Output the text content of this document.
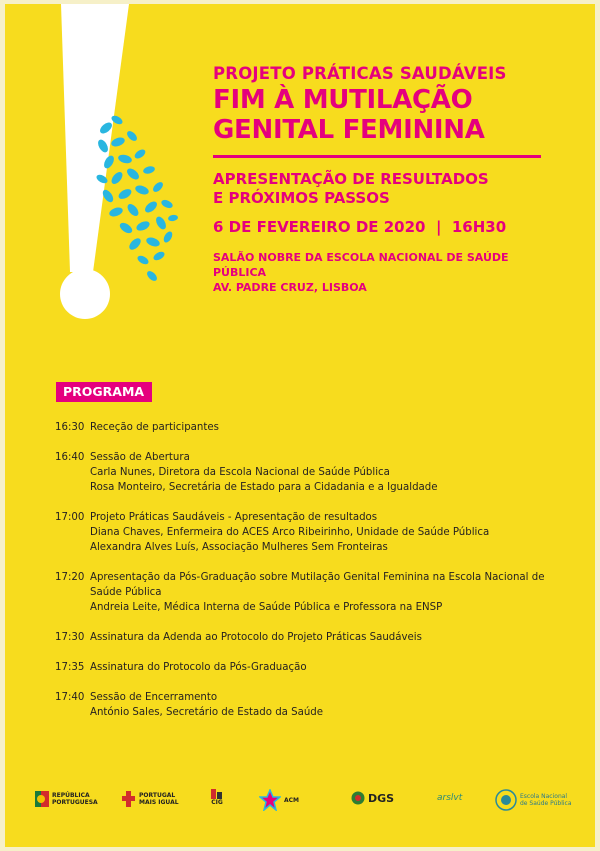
PROJETO PRÁTICAS SAUDÁVEIS
FIM À MUTILAÇÃO
GENITAL FEMININA
APRESENTAÇÃO DE RESULTADOS
E PRÓXIMOS PASSOS
6 DE FEVEREIRO DE 2020  |  16H30
SALÃO NOBRE DA ESCOLA NACIONAL DE SAÚDE PÚBLICA
AV. PADRE CRUZ, LISBOA
PROGRAMA
16:30 Receção de participantes
16:40 Sessão de Abertura
Carla Nunes, Diretora da Escola Nacional de Saúde Pública
Rosa Monteiro, Secretária de Estado para a Cidadania e a Igualdade
17:00 Projeto Práticas Saudáveis - Apresentação de resultados
Diana Chaves, Enfermeira do ACES Arco Ribeirinho, Unidade de Saúde Pública
Alexandra Alves Luís, Associação Mulheres Sem Fronteiras
17:20 Apresentação da Pós-Graduação sobre Mutilação Genital Feminina na Escola Nacional de Saúde Pública
Andreia Leite, Médica Interna de Saúde Pública e Professora na ENSP
17:30 Assinatura da Adenda ao Protocolo do Projeto Práticas Saudáveis
17:35 Assinatura do Protocolo da Pós-Graduação
17:40 Sessão de Encerramento
António Sales, Secretário de Estado da Saúde
REPÚBLICA
PORTUGUESA
PORTUGAL
MAIS IGUAL	CIG	ACM	DGS	arslvt	Escola Nacional
de Saúde Pública
